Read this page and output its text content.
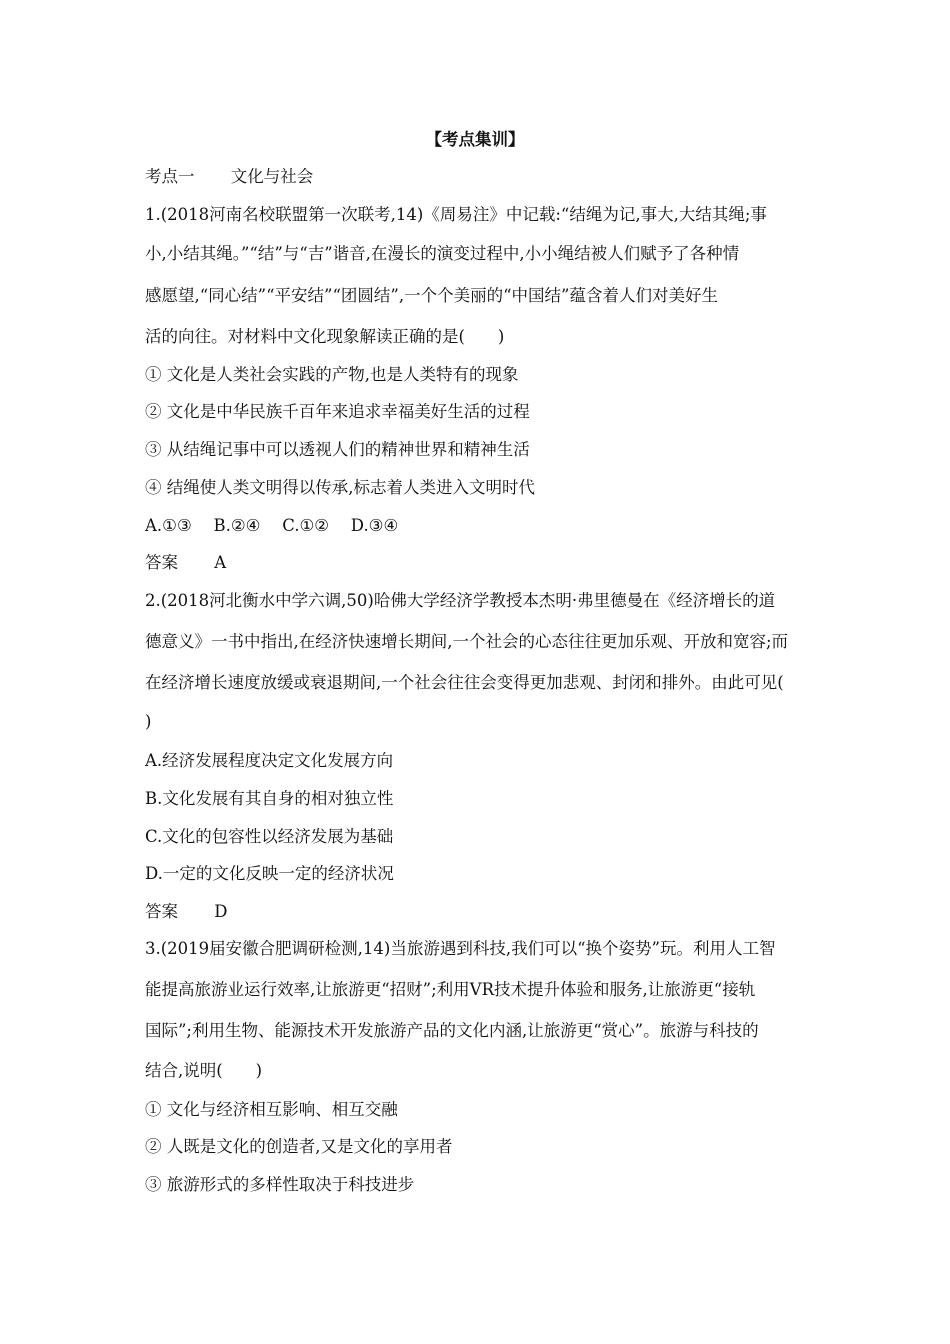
【考点集训】
考点一 文化与社会
1.(2018河南名校联盟第一次联考,14)《周易注》中记载:“结绳为记,事大,大结其绳;事
小,小结其绳。”“结”与“吉”谐音,在漫长的演变过程中,小小绳结被人们赋予了各种情
感愿望,“同心结”“平安结”“团圆结”,一个个美丽的“中国结”蕴含着人们对美好生
活的向往。对材料中文化现象解读正确的是(　　)
① 文化是人类社会实践的产物,也是人类特有的现象
② 文化是中华民族千百年来追求幸福美好生活的过程
③ 从结绳记事中可以透视人们的精神世界和精神生活
④ 结绳使人类文明得以传承,标志着人类进入文明时代
A.①③　 B.②④　 C.①②　 D.③④
答案 A
2.(2018河北衡水中学六调,50)哈佛大学经济学教授本杰明·弗里德曼在《经济增长的道
德意义》一书中指出,在经济快速增长期间,一个社会的心态往往更加乐观、开放和宽容;而
在经济增长速度放缓或衰退期间,一个社会往往会变得更加悲观、封闭和排外。由此可见(
)
A.经济发展程度决定文化发展方向
B.文化发展有其自身的相对独立性
C.文化的包容性以经济发展为基础
D.一定的文化反映一定的经济状况
答案 D
3.(2019届安徽合肥调研检测,14)当旅游遇到科技,我们可以“换个姿势”玩。利用人工智
能提高旅游业运行效率,让旅游更“招财”;利用VR技术提升体验和服务,让旅游更“接轨
国际”;利用生物、能源技术开发旅游产品的文化内涵,让旅游更“赏心”。旅游与科技的
结合,说明(　　)
① 文化与经济相互影响、相互交融
② 人既是文化的创造者,又是文化的享用者
③ 旅游形式的多样性取决于科技进步
